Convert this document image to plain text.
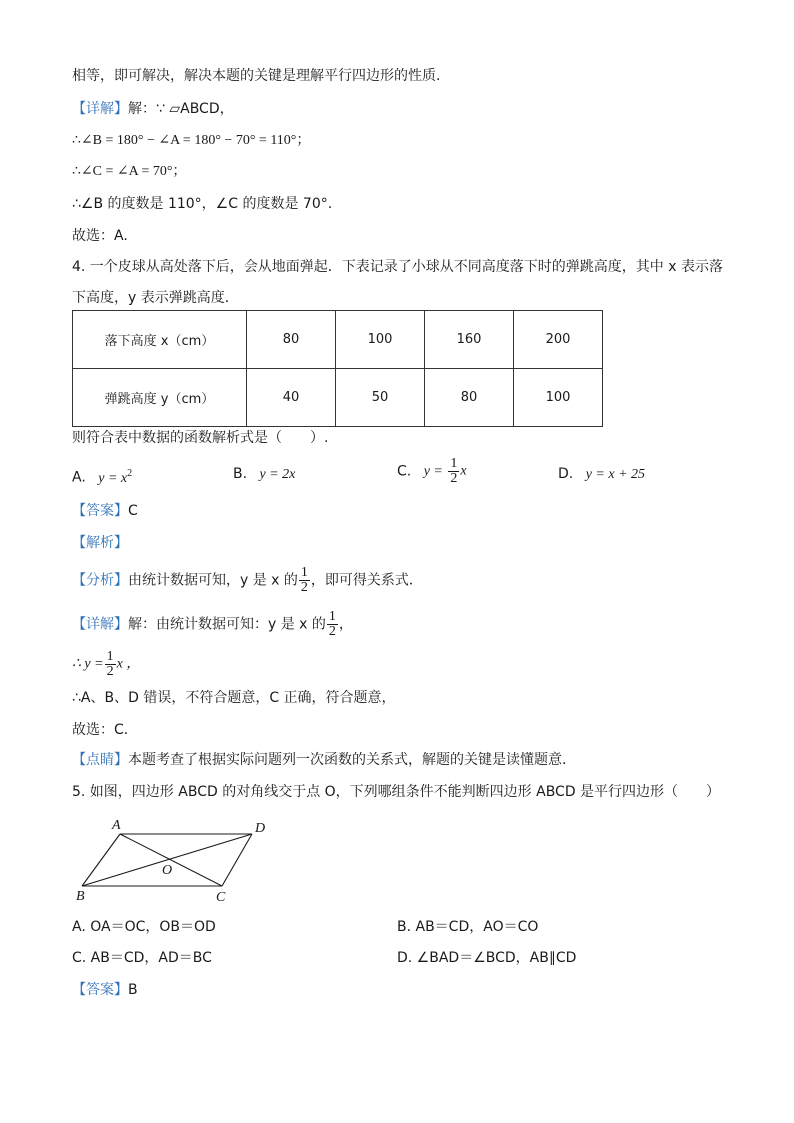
相等，即可解决，解决本题的关键是理解平行四边形的性质.
【详解】解：∵ ▱ABCD，
∴∠B = 180° − ∠A = 180° − 70° = 110°；
∴∠C = ∠A = 70°；
∴∠B 的度数是 110°，∠C 的度数是 70°.
故选：A.
4. 一个皮球从高处落下后，会从地面弹起．下表记录了小球从不同高度落下时的弹跳高度，其中 x 表示落
下高度，y 表示弹跳高度．
落下高度 x（cm）	80	100	160	200
弹跳高度 y（cm）	40	50	80	100
则符合表中数据的函数解析式是（　　）.
A. $y = x^2$	B. y = 2x	C. $y = \frac{1}{2}$ x	D. y = x + 25
【答案】C
【解析】
【分析】由统计数据可知，y 是 x 的 $\frac{1}{2}$ ，即可得关系式．
【详解】解：由统计数据可知：y 是 x 的 $\frac{1}{2}$ ，
∴ $y = \frac{1}{2}$ x ，
∴A、B、D 错误，不符合题意，C 正确，符合题意，
故选：C．
【点睛】本题考查了根据实际问题列一次函数的关系式，解题的关键是读懂题意．
5. 如图，四边形 ABCD 的对角线交于点 O，下列哪组条件不能判断四边形 ABCD 是平行四边形（　　）
A	D
B	C
O
A. OA＝OC，OB＝OD	B. AB＝CD，AO＝CO
C. AB＝CD，AD＝BC	D. ∠BAD＝∠BCD，AB∥CD
【答案】B
